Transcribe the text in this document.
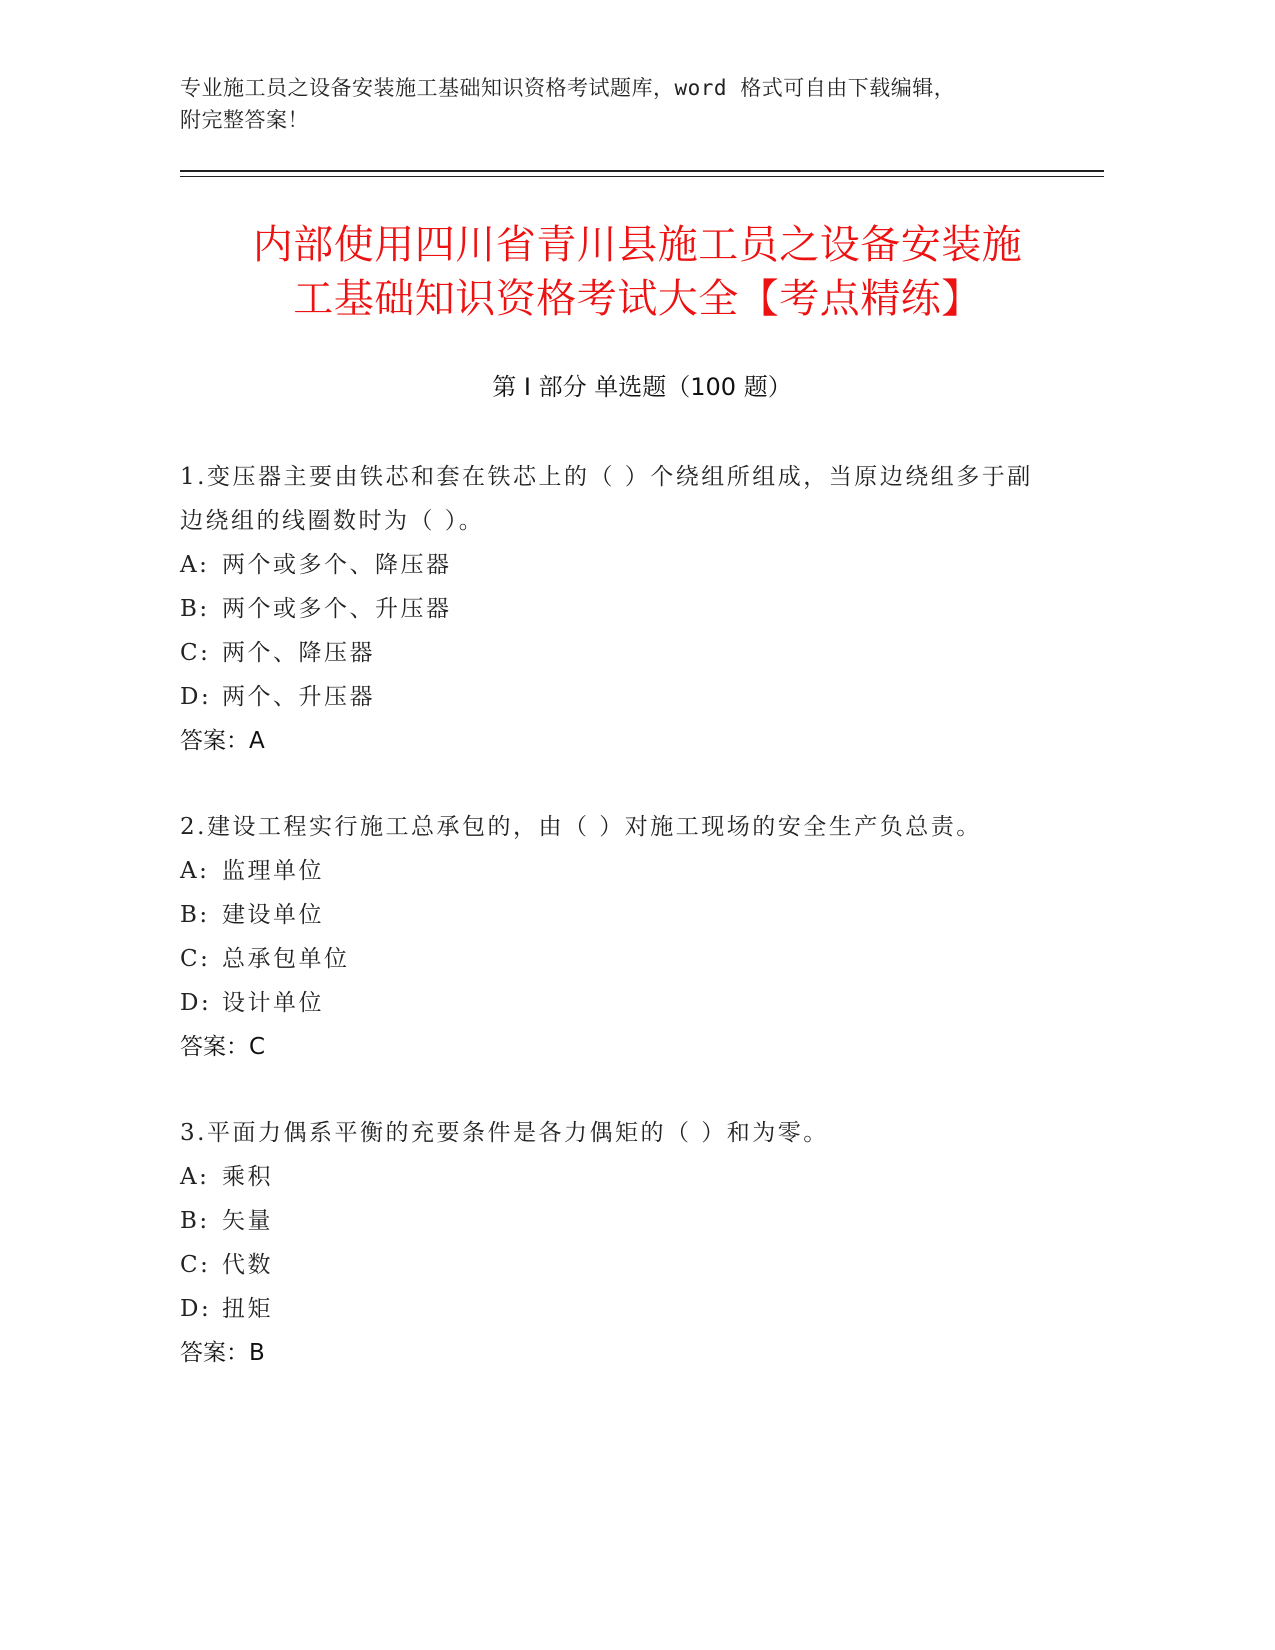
专业施工员之设备安装施工基础知识资格考试题库，word 格式可自由下载编辑，
附完整答案！
内部使用四川省青川县施工员之设备安装施
工基础知识资格考试大全【考点精练】
第 I 部分 单选题（100 题）
1.变压器主要由铁芯和套在铁芯上的（ ）个绕组所组成，当原边绕组多于副边绕组的线圈数时为（ ）。
A: 两个或多个、降压器
B: 两个或多个、升压器
C: 两个、降压器
D: 两个、升压器
答案：A
2.建设工程实行施工总承包的，由（ ）对施工现场的安全生产负总责。
A: 监理单位
B: 建设单位
C: 总承包单位
D: 设计单位
答案：C
3.平面力偶系平衡的充要条件是各力偶矩的（ ）和为零。
A: 乘积
B: 矢量
C: 代数
D: 扭矩
答案：B
